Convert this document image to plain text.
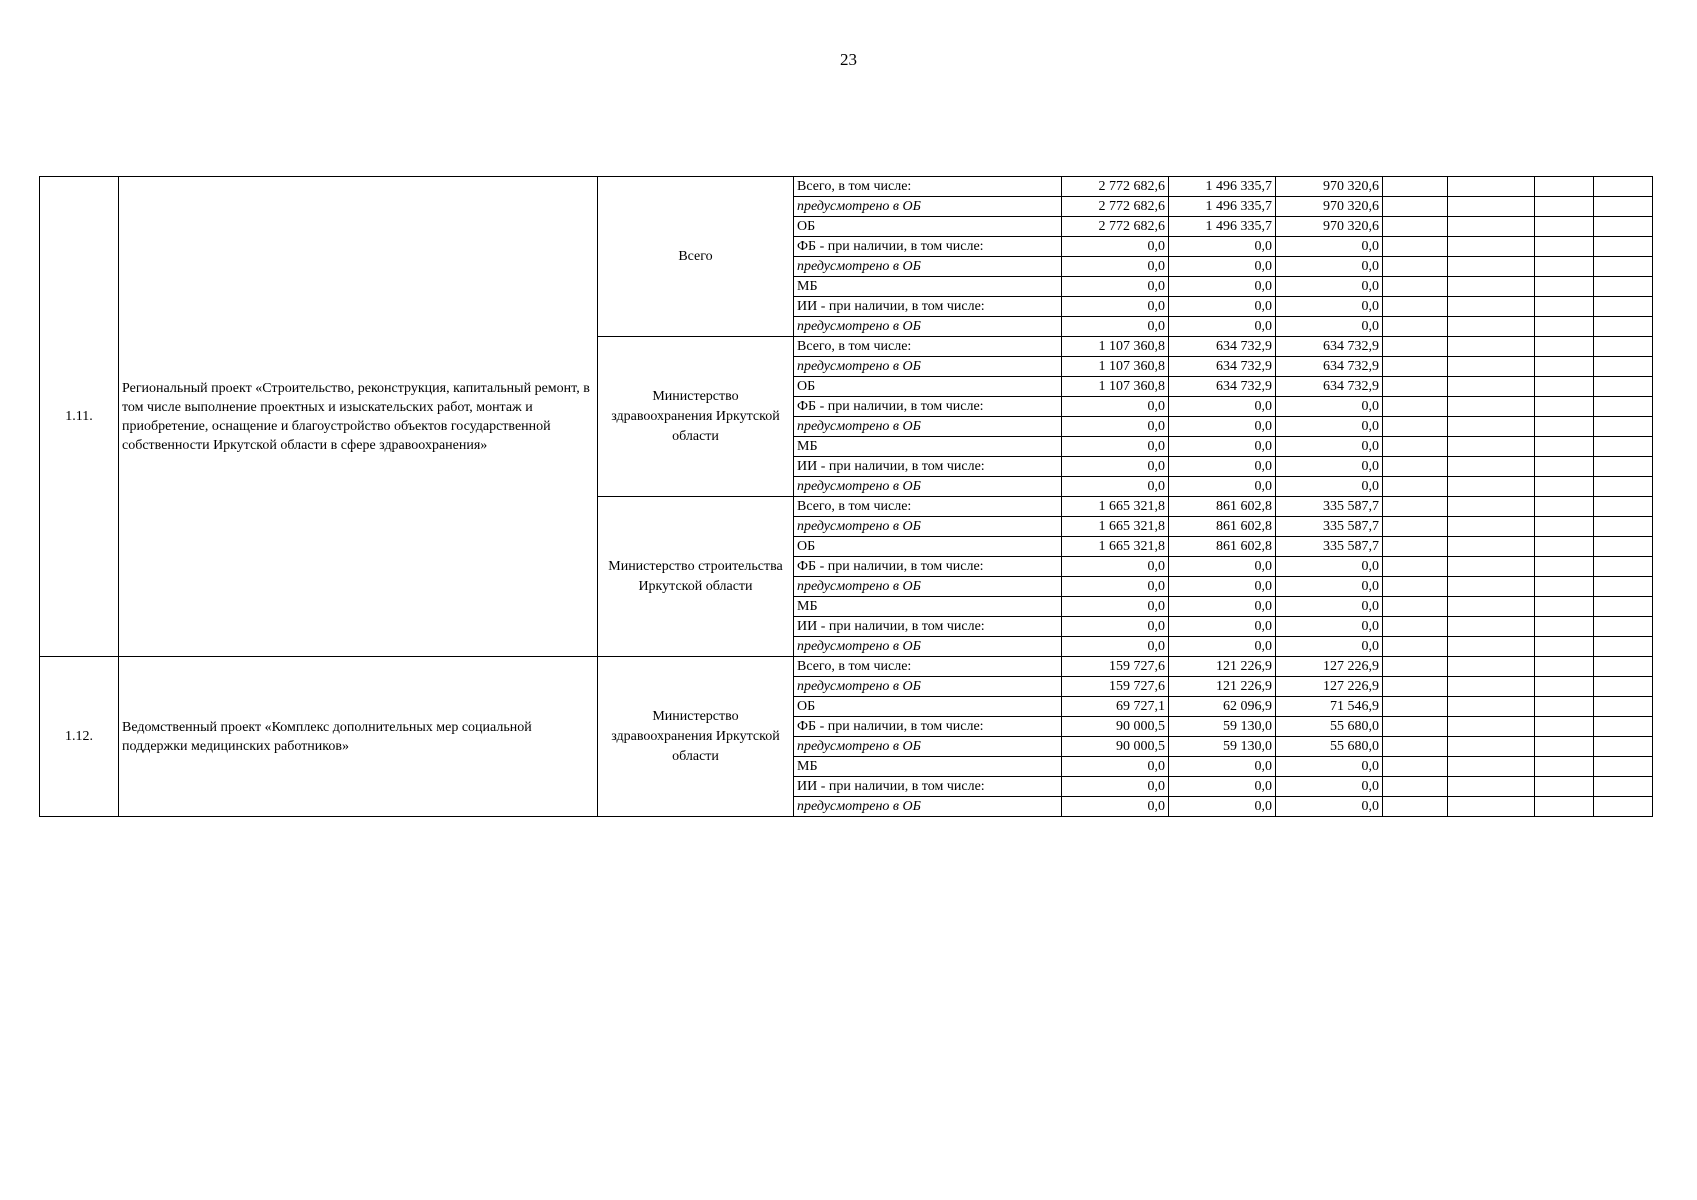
23
1.11.	Региональный проект «Строительство, реконструкция, капитальный ремонт, в том числе выполнение проектных и изыскательских работ, монтаж и приобретение, оснащение и благоустройство объектов государственной собственности Иркутской области в сфере здравоохранения»	Всего	Всего, в том числе:	2 772 682,6	1 496 335,7	970 320,6				
			предусмотрено в ОБ	2 772 682,6	1 496 335,7	970 320,6				
			ОБ	2 772 682,6	1 496 335,7	970 320,6				
			ФБ - при наличии, в том числе:	0,0	0,0	0,0				
			предусмотрено в ОБ	0,0	0,0	0,0				
			МБ	0,0	0,0	0,0				
			ИИ - при наличии, в том числе:	0,0	0,0	0,0				
			предусмотрено в ОБ	0,0	0,0	0,0				
		Министерство здравоохранения Иркутской области	Всего, в том числе:	1 107 360,8	634 732,9	634 732,9				
			предусмотрено в ОБ	1 107 360,8	634 732,9	634 732,9				
			ОБ	1 107 360,8	634 732,9	634 732,9				
			ФБ - при наличии, в том числе:	0,0	0,0	0,0				
			предусмотрено в ОБ	0,0	0,0	0,0				
			МБ	0,0	0,0	0,0				
			ИИ - при наличии, в том числе:	0,0	0,0	0,0				
			предусмотрено в ОБ	0,0	0,0	0,0				
		Министерство строительства Иркутской области	Всего, в том числе:	1 665 321,8	861 602,8	335 587,7				
			предусмотрено в ОБ	1 665 321,8	861 602,8	335 587,7				
			ОБ	1 665 321,8	861 602,8	335 587,7				
			ФБ - при наличии, в том числе:	0,0	0,0	0,0				
			предусмотрено в ОБ	0,0	0,0	0,0				
			МБ	0,0	0,0	0,0				
			ИИ - при наличии, в том числе:	0,0	0,0	0,0				
			предусмотрено в ОБ	0,0	0,0	0,0				
1.12.	Ведомственный проект «Комплекс дополнительных мер социальной поддержки медицинских работников»	Министерство здравоохранения Иркутской области	Всего, в том числе:	159 727,6	121 226,9	127 226,9				
			предусмотрено в ОБ	159 727,6	121 226,9	127 226,9				
			ОБ	69 727,1	62 096,9	71 546,9				
			ФБ - при наличии, в том числе:	90 000,5	59 130,0	55 680,0				
			предусмотрено в ОБ	90 000,5	59 130,0	55 680,0				
			МБ	0,0	0,0	0,0				
			ИИ - при наличии, в том числе:	0,0	0,0	0,0				
			предусмотрено в ОБ	0,0	0,0	0,0				
